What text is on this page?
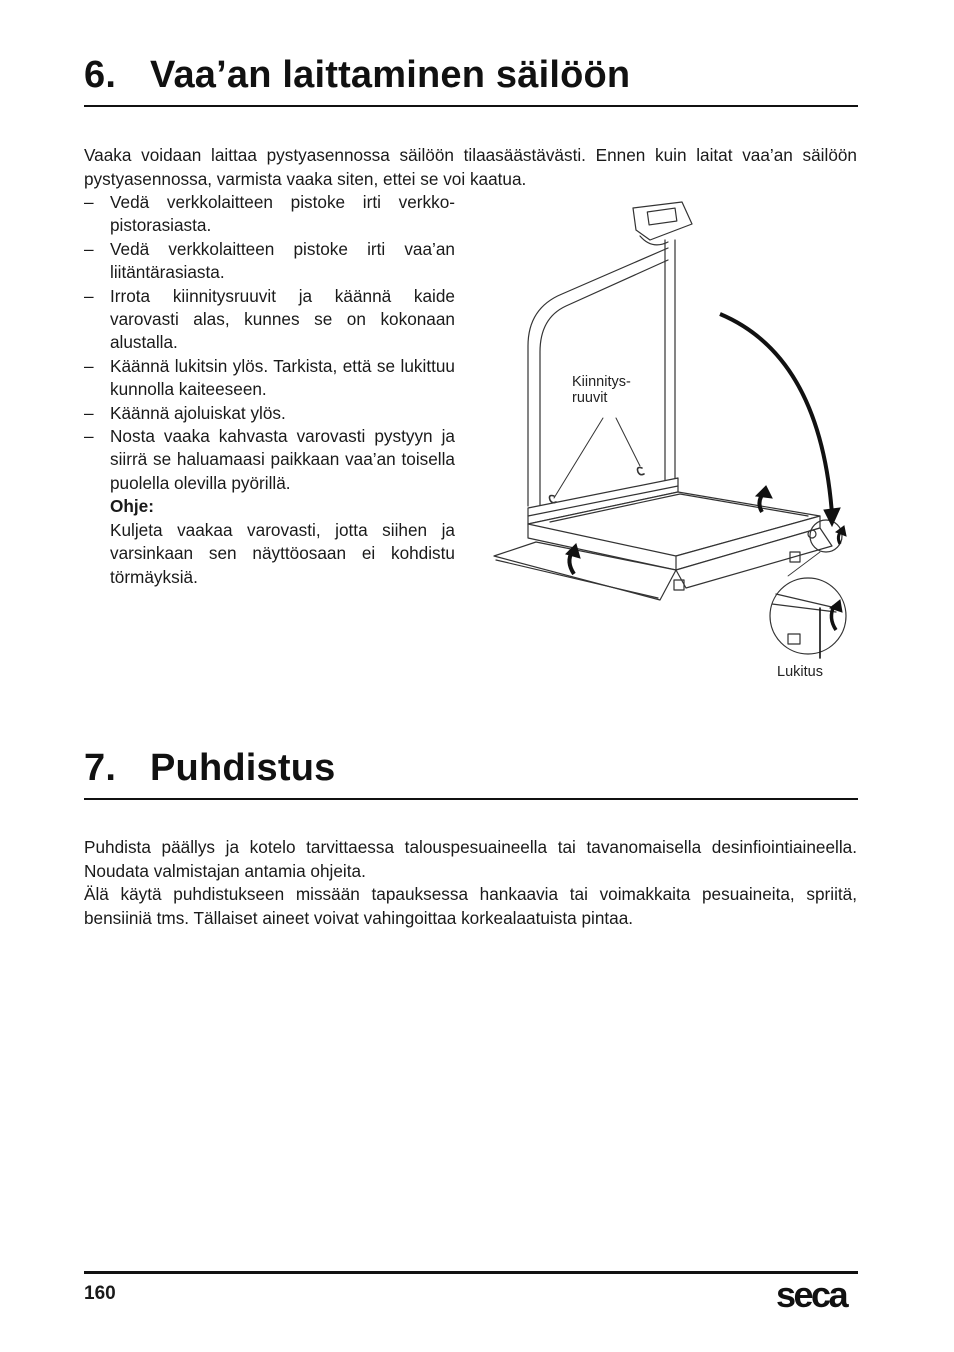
6. Vaa’an laittaminen säilöön

Vaaka voidaan laittaa pystyasennossa säilöön tilaasäästävästi. Ennen kuin laitat vaa’an säilöön pystyasennossa, varmista vaaka siten, ettei se voi kaatua.

– Vedä verkkolaitteen pistoke irti verkko-pistorasiasta.
– Vedä verkkolaitteen pistoke irti vaa’an liitäntärasiasta.
– Irrota kiinnitysruuvit ja käännä kaide varovasti alas, kunnes se on kokonaan alustalla.
– Käännä lukitsin ylös. Tarkista, että se lukittuu kunnolla kaiteeseen.
– Käännä ajoluiskat ylös.
– Nosta vaaka kahvasta varovasti pystyyn ja siirrä se haluamaasi paikkaan vaa’an toisella puolella olevilla pyörillä.
Ohje:
Kuljeta vaakaa varovasti, jotta siihen ja varsinkaan sen näyttöosaan ei kohdistu törmäyksiä.
Kiinnitys-
ruuvit
Lukitus
7. Puhdistus

Puhdista päällys ja kotelo tarvittaessa talouspesuaineella tai tavanomaisella desinfiointiaineella. Noudata valmistajan antamia ohjeita.

Älä käytä puhdistukseen missään tapauksessa hankaavia tai voimakkaita pesuaineita, spriitä, bensiiniä tms. Tällaiset aineet voivat vahingoittaa korkealaatuista pintaa.

160	seca
